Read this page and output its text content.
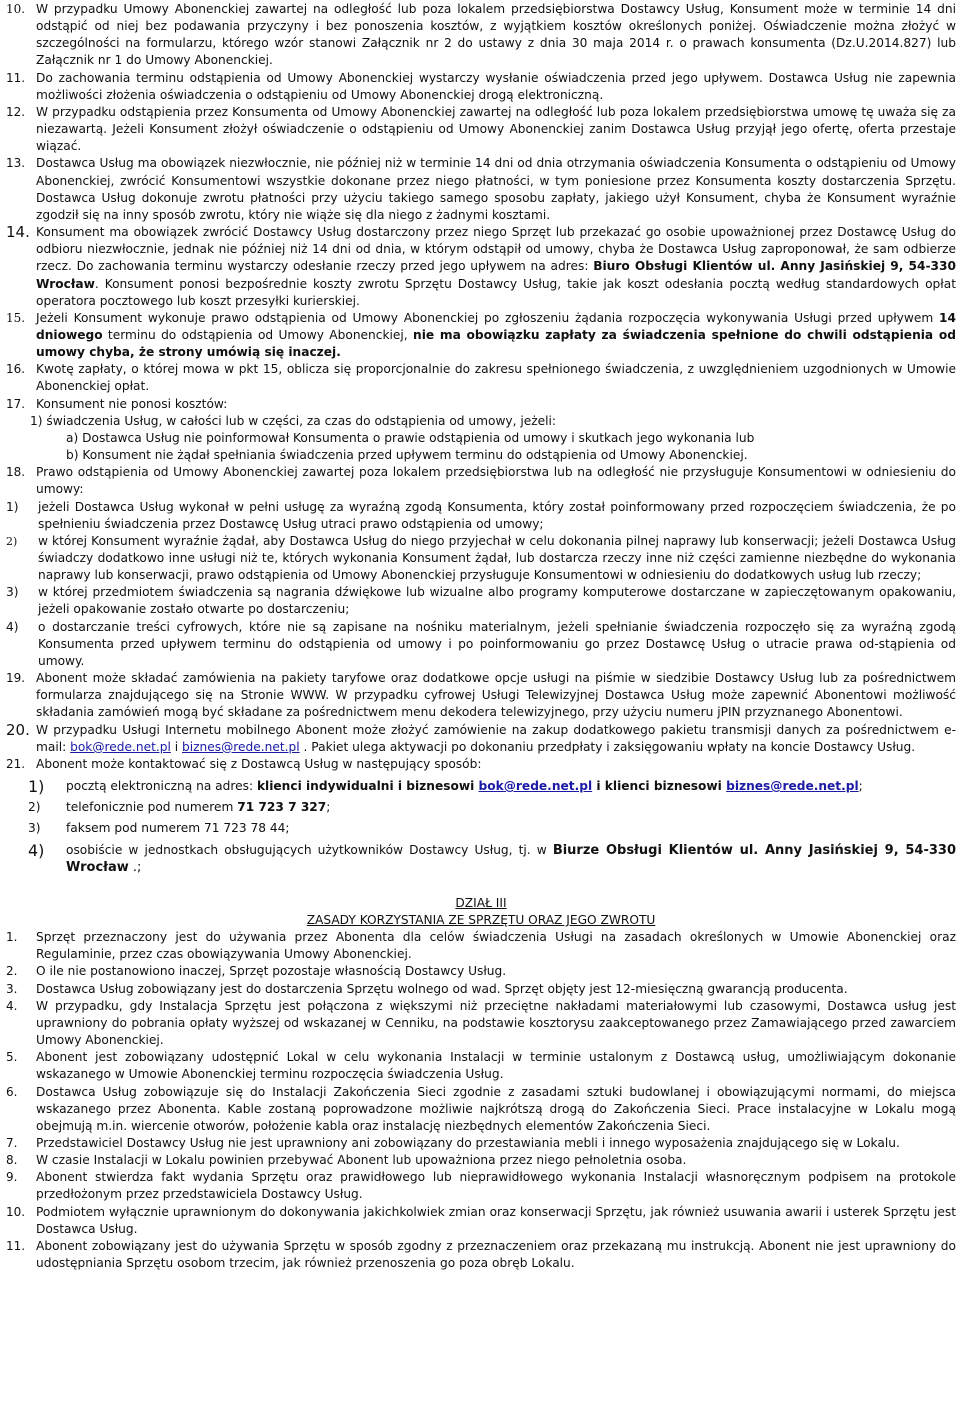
10. W przypadku Umowy Abonenckiej zawartej na odległość lub poza lokalem przedsiębiorstwa Dostawcy Usług, Konsument może w terminie 14 dni odstąpić od niej bez podawania przyczyny i bez ponoszenia kosztów, z wyjątkiem kosztów określonych poniżej. Oświadczenie można złożyć w szczególności na formularzu, którego wzór stanowi Załącznik nr 2 do ustawy z dnia 30 maja 2014 r. o prawach konsumenta (Dz.U.2014.827) lub Załącznik nr 1 do Umowy Abonenckiej.
11. Do zachowania terminu odstąpienia od Umowy Abonenckiej wystarczy wysłanie oświadczenia przed jego upływem. Dostawca Usług nie zapewnia możliwości złożenia oświadczenia o odstąpieniu od Umowy Abonenckiej drogą elektroniczną.
12. W przypadku odstąpienia przez Konsumenta od Umowy Abonenckiej zawartej na odległość lub poza lokalem przedsiębiorstwa umowę tę uważa się za niezawartą. Jeżeli Konsument złożył oświadczenie o odstąpieniu od Umowy Abonenckiej zanim Dostawca Usług przyjął jego ofertę, oferta przestaje wiązać.
13. Dostawca Usług ma obowiązek niezwłocznie, nie później niż w terminie 14 dni od dnia otrzymania oświadczenia Konsumenta o odstąpieniu od Umowy Abonenckiej, zwrócić Konsumentowi wszystkie dokonane przez niego płatności, w tym poniesione przez Konsumenta koszty dostarczenia Sprzętu. Dostawca Usług dokonuje zwrotu płatności przy użyciu takiego samego sposobu zapłaty, jakiego użył Konsument, chyba że Konsument wyraźnie zgodził się na inny sposób zwrotu, który nie wiąże się dla niego z żadnymi kosztami.
14. Konsument ma obowiązek zwrócić Dostawcy Usług dostarczony przez niego Sprzęt lub przekazać go osobie upoważnionej przez Dostawcę Usług do odbioru niezwłocznie, jednak nie później niż 14 dni od dnia, w którym odstąpił od umowy, chyba że Dostawca Usług zaproponował, że sam odbierze rzecz. Do zachowania terminu wystarczy odesłanie rzeczy przed jego upływem na adres: Biuro Obsługi Klientów ul. Anny Jasińskiej 9, 54-330 Wrocław. Konsument ponosi bezpośrednie koszty zwrotu Sprzętu Dostawcy Usług, takie jak koszt odesłania pocztą według standardowych opłat operatora pocztowego lub koszt przesyłki kurierskiej.
15. Jeżeli Konsument wykonuje prawo odstąpienia od Umowy Abonenckiej po zgłoszeniu żądania rozpoczęcia wykonywania Usługi przed upływem 14 dniowego terminu do odstąpienia od Umowy Abonenckiej, nie ma obowiązku zapłaty za świadczenia spełnione do chwili odstąpienia od umowy chyba, że strony umówią się inaczej.
16. Kwotę zapłaty, o której mowa w pkt 15, oblicza się proporcjonalnie do zakresu spełnionego świadczenia, z uwzględnieniem uzgodnionych w Umowie Abonenckiej opłat.
17. Konsument nie ponosi kosztów:
1) świadczenia Usług, w całości lub w części, za czas do odstąpienia od umowy, jeżeli:
a) Dostawca Usług nie poinformował Konsumenta o prawie odstąpienia od umowy i skutkach jego wykonania lub
b) Konsument nie żądał spełniania świadczenia przed upływem terminu do odstąpienia od Umowy Abonenckiej.
18. Prawo odstąpienia od Umowy Abonenckiej zawartej poza lokalem przedsiębiorstwa lub na odległość nie przysługuje Konsumentowi w odniesieniu do umowy:
1)	jeżeli Dostawca Usług wykonał w pełni usługę za wyraźną zgodą Konsumenta, który został poinformowany przed rozpoczęciem świadczenia, że po spełnieniu świadczenia przez Dostawcę Usług utraci prawo odstąpienia od umowy;
2)	w której Konsument wyraźnie żądał, aby Dostawca Usług do niego przyjechał w celu dokonania pilnej naprawy lub konserwacji; jeżeli Dostawca Usług świadczy dodatkowo inne usługi niż te, których wykonania Konsument żądał, lub dostarcza rzeczy inne niż części zamienne niezbędne do wykonania naprawy lub konserwacji, prawo odstąpienia od Umowy Abonenckiej przysługuje Konsumentowi w odniesieniu do dodatkowych usług lub rzeczy;
3)	w której przedmiotem świadczenia są nagrania dźwiękowe lub wizualne albo programy komputerowe dostarczane w zapieczętowanym opakowaniu, jeżeli opakowanie zostało otwarte po dostarczeniu;
4)	o dostarczanie treści cyfrowych, które nie są zapisane na nośniku materialnym, jeżeli spełnianie świadczenia rozpoczęło się za wyraźną zgodą Konsumenta przed upływem terminu do odstąpienia od umowy i po poinformowaniu go przez Dostawcę Usług o utracie prawa od-stąpienia od umowy.
19. Abonent może składać zamówienia na pakiety taryfowe oraz dodatkowe opcje usługi na piśmie w siedzibie Dostawcy Usług lub za pośrednictwem formularza znajdującego się na Stronie WWW. W przypadku cyfrowej Usługi Telewizyjnej Dostawca Usług może zapewnić Abonentowi możliwość składania zamówień mogą być składane za pośrednictwem menu dekodera telewizyjnego, przy użyciu numeru jPIN przyznanego Abonentowi.
20. W przypadku Usługi Internetu mobilnego Abonent może złożyć zamówienie na zakup dodatkowego pakietu transmisji danych za pośrednictwem e-mail: bok@rede.net.pl i biznes@rede.net.pl . Pakiet ulega aktywacji po dokonaniu przedpłaty i zaksięgowaniu wpłaty na koncie Dostawcy Usług.
21. Abonent może kontaktować się z Dostawcą Usług w następujący sposób:
1)	pocztą elektroniczną na adres: klienci indywidualni i biznesowi bok@rede.net.pl i klienci biznesowi biznes@rede.net.pl;
2)	telefonicznie pod numerem 71 723 7 327;
3)	faksem pod numerem 71 723 78 44;
4)	osobiście w jednostkach obsługujących użytkowników Dostawcy Usług, tj. w Biurze Obsługi Klientów ul. Anny Jasińskiej 9, 54-330 Wrocław .;
DZIAŁ III
ZASADY KORZYSTANIA ZE SPRZĘTU ORAZ JEGO ZWROTU
1.	Sprzęt przeznaczony jest do używania przez Abonenta dla celów świadczenia Usługi na zasadach określonych w Umowie Abonenckiej oraz Regulaminie, przez czas obowiązywania Umowy Abonenckiej.
2.	O ile nie postanowiono inaczej, Sprzęt pozostaje własnością Dostawcy Usług.
3.	Dostawca Usług zobowiązany jest do dostarczenia Sprzętu wolnego od wad. Sprzęt objęty jest 12-miesięczną gwarancją producenta.
4.	W przypadku, gdy Instalacja Sprzętu jest połączona z większymi niż przeciętne nakładami materiałowymi lub czasowymi, Dostawca usług jest uprawniony do pobrania opłaty wyższej od wskazanej w Cenniku, na podstawie kosztorysu zaakceptowanego przez Zamawiającego przed zawarciem Umowy Abonenckiej.
5.	Abonent jest zobowiązany udostępnić Lokal w celu wykonania Instalacji w terminie ustalonym z Dostawcą usług, umożliwiającym dokonanie wskazanego w Umowie Abonenckiej terminu rozpoczęcia świadczenia Usług.
6.	Dostawca Usług zobowiązuje się do Instalacji Zakończenia Sieci zgodnie z zasadami sztuki budowlanej i obowiązującymi normami, do miejsca wskazanego przez Abonenta. Kable zostaną poprowadzone możliwie najkrótszą drogą do Zakończenia Sieci. Prace instalacyjne w Lokalu mogą obejmują m.in. wiercenie otworów, położenie kabla oraz instalację niezbędnych elementów Zakończenia Sieci.
7.	Przedstawiciel Dostawcy Usług nie jest uprawniony ani zobowiązany do przestawiania mebli i innego wyposażenia znajdującego się w Lokalu.
8.	W czasie Instalacji w Lokalu powinien przebywać Abonent lub upoważniona przez niego pełnoletnia osoba.
9.	Abonent stwierdza fakt wydania Sprzętu oraz prawidłowego lub nieprawidłowego wykonania Instalacji własnoręcznym podpisem na protokole przedłożonym przez przedstawiciela Dostawcy Usług.
10. Podmiotem wyłącznie uprawnionym do dokonywania jakichkolwiek zmian oraz konserwacji Sprzętu, jak również usuwania awarii i usterek Sprzętu jest Dostawca Usług.
11. Abonent zobowiązany jest do używania Sprzętu w sposób zgodny z przeznaczeniem oraz przekazaną mu instrukcją. Abonent nie jest uprawniony do udostępniania Sprzętu osobom trzecim, jak również przenoszenia go poza obręb Lokalu.
